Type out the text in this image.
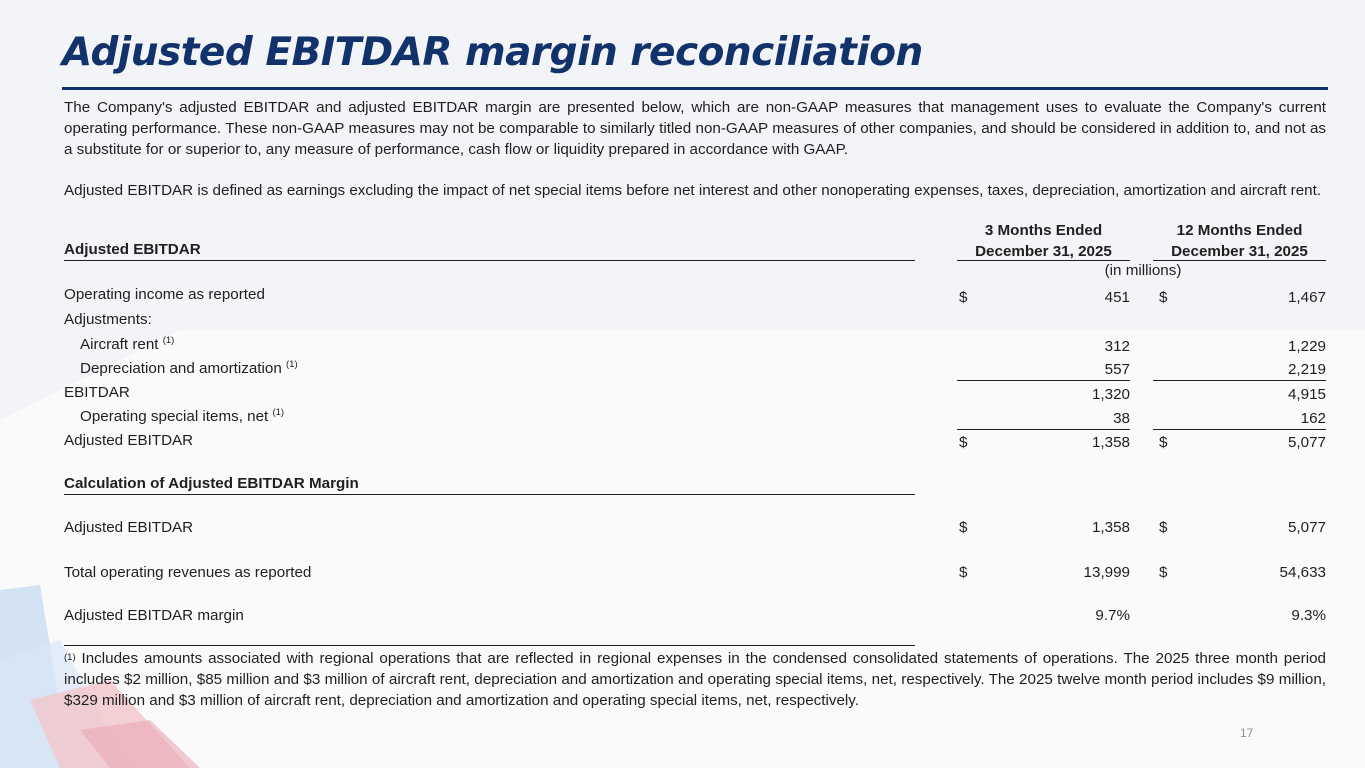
Adjusted EBITDAR margin reconciliation
The Company's adjusted EBITDAR and adjusted EBITDAR margin are presented below, which are non-GAAP measures that management uses to evaluate the Company's current operating performance. These non-GAAP measures may not be comparable to similarly titled non-GAAP measures of other companies, and should be considered in addition to, and not as a substitute for or superior to, any measure of performance, cash flow or liquidity prepared in accordance with GAAP.
Adjusted EBITDAR is defined as earnings excluding the impact of net special items before net interest and other nonoperating expenses, taxes, depreciation, amortization and aircraft rent.
Adjusted EBITDAR
3 Months Ended
December 31, 2025
12 Months Ended
December 31, 2025
(in millions)
Operating income as reported	$	451 $	1,467
Adjustments:
Aircraft rent $^{(1)}$	312	1,229
Depreciation and amortization $^{(1)}$	557	2,219
EBITDAR	1,320	4,915
Operating special items, net $^{(1)}$	38	162
Adjusted EBITDAR	$	1,358 $	5,077
Calculation of Adjusted EBITDAR Margin
Adjusted EBITDAR	$	1,358 $	5,077
Total operating revenues as reported	$	13,999 $	54,633
Adjusted EBITDAR margin	9.7%	9.3%
$^{(1)}$ Includes amounts associated with regional operations that are reflected in regional expenses in the condensed consolidated statements of operations. The 2025 three month period includes $2 million, $85 million and $3 million of aircraft rent, depreciation and amortization and operating special items, net, respectively. The 2025 twelve month period includes $9 million, $329 million and $3 million of aircraft rent, depreciation and amortization and operating special items, net, respectively.
17
